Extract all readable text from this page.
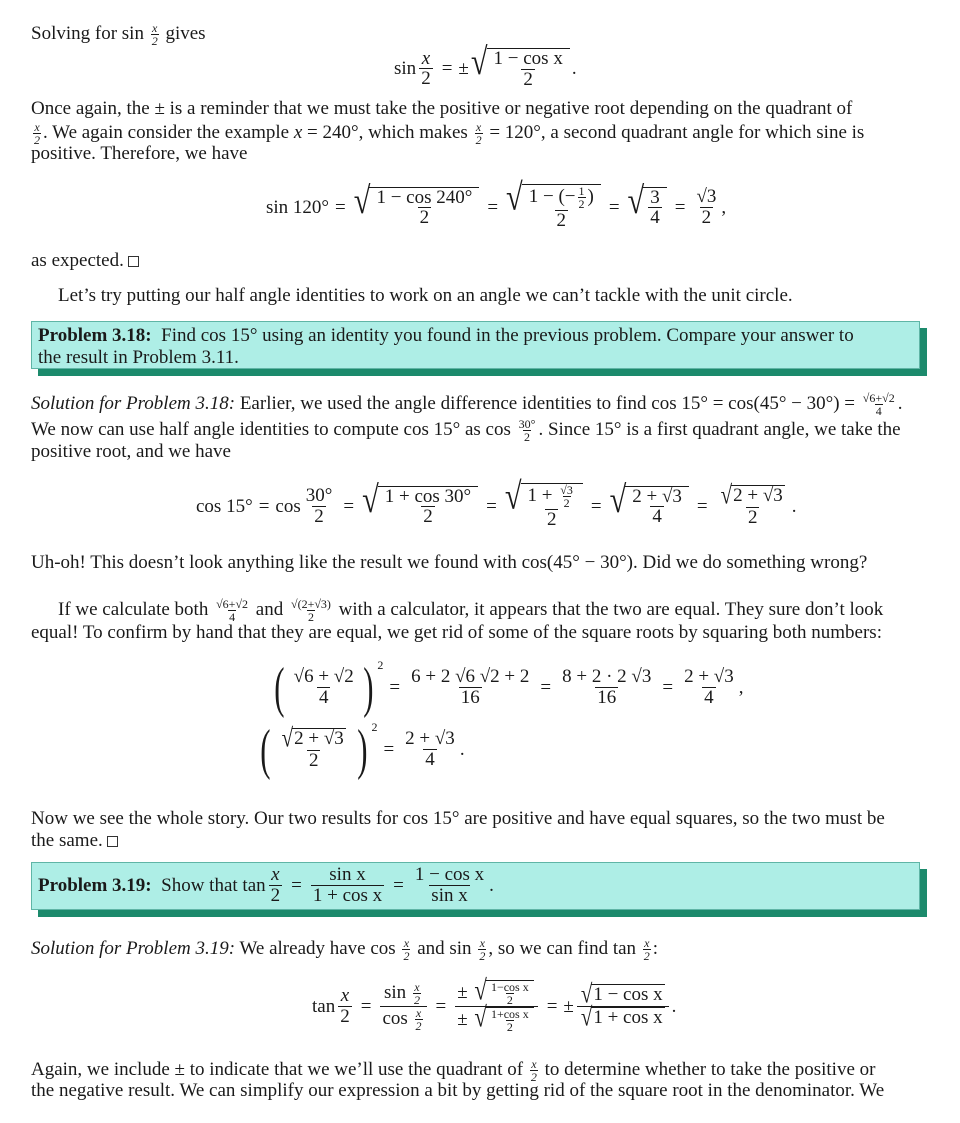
Solving for $\sin \frac{x}{2}$ gives
$\sin \frac{x}{2}$ = ± √ $\frac{\text{1 − cos x}}{2}$ .
Once again, the ± is a reminder that we must take the positive or negative root depending on the quadrant of
$\frac{x}{2}$ . We again consider the example x = 240°, which makes $\frac{x}{2} = 120^\circ$, a second quadrant angle for which sine is
positive. Therefore, we have
sin 120° = √ $\frac{1 - \cos 240^\circ}{2}$ = √ $\frac{1 - (- \frac{1}{2} )}{2}$ = √ $\frac{3}{4} = \frac{√3}{2}$ ,
as expected.
Let’s try putting our half angle identities to work on an angle we can’t tackle with the unit circle.
Problem 3.18: Find cos 15° using an identity you found in the previous problem. Compare your answer to
the result in Problem 3.11.
Solution for Problem 3.18: Earlier, we used the angle difference identities to find $\cos 15^\circ = \cos(45^\circ - 30^\circ) = \frac{√6+√2}{4}$ .
We now can use half angle identities to compute cos 15° as $\cos \frac{30^\circ}{2}$ . Since 15° is a first quadrant angle, we take the
positive root, and we have
$\cos 15^\circ = \cos \frac{30^\circ}{2}$ = √ $\frac{1 + \cos 30^\circ}{2}$ = √ $\frac{1 + \frac{√3}{2}}{2}$ = √ $\frac{2 + √3}{4} = \frac{√ 2 + √3}{2}$ .
Uh-oh! This doesn’t look anything like the result we found with cos(45° − 30°). Did we do something wrong?
If we calculate both $\frac{√6+√2}{4}$ and $\frac{√(2+√3)}{2}$ with a calculator, it appears that the two are equal. They sure don’t look
equal! To confirm by hand that they are equal, we get rid of some of the square roots by squaring both numbers:
( $\frac{√6 + √2}{4}$ ) 2
= $\frac{6 + 2 √6 √2 + 2}{16} = \frac{8 + 2 \cdot 2 √3}{16} = \frac{2 + √3}{4}$ ,
( $\frac{√ 2 + √3}{2}$ ) 2
= $\frac{2 + √3}{4}$ .
Now we see the whole story. Our two results for cos 15° are positive and have equal squares, so the two must be
the same.
Problem 3.19:
Show that $\tan \frac{x}{2} = \frac{\text{sin x}}{\text{1 + cos x}} = \frac{\text{1 − cos x}}{\text{sin x}}$ .
Solution for Problem 3.19: We already have $\cos \frac{x}{2}$ and $\sin \frac{x}{2}$ , so we can find $\tan \frac{x}{2}$ :
$\tan \frac{x}{2} = \frac{\sin \frac{x}{2}}{\cos \frac{x}{2}} = \frac{\pm √ \frac{\text{1−cos x}}{2}}{\pm √ \frac{\text{1+cos x}}{2}}$ = ± $\frac{\text{√ 1 − cos x}}{\text{√ 1 + cos x}}$ .
Again, we include ± to indicate that we we’ll use the quadrant of $\frac{x}{2}$ to determine whether to take the positive or
the negative result. We can simplify our expression a bit by getting rid of the square root in the denominator. We
